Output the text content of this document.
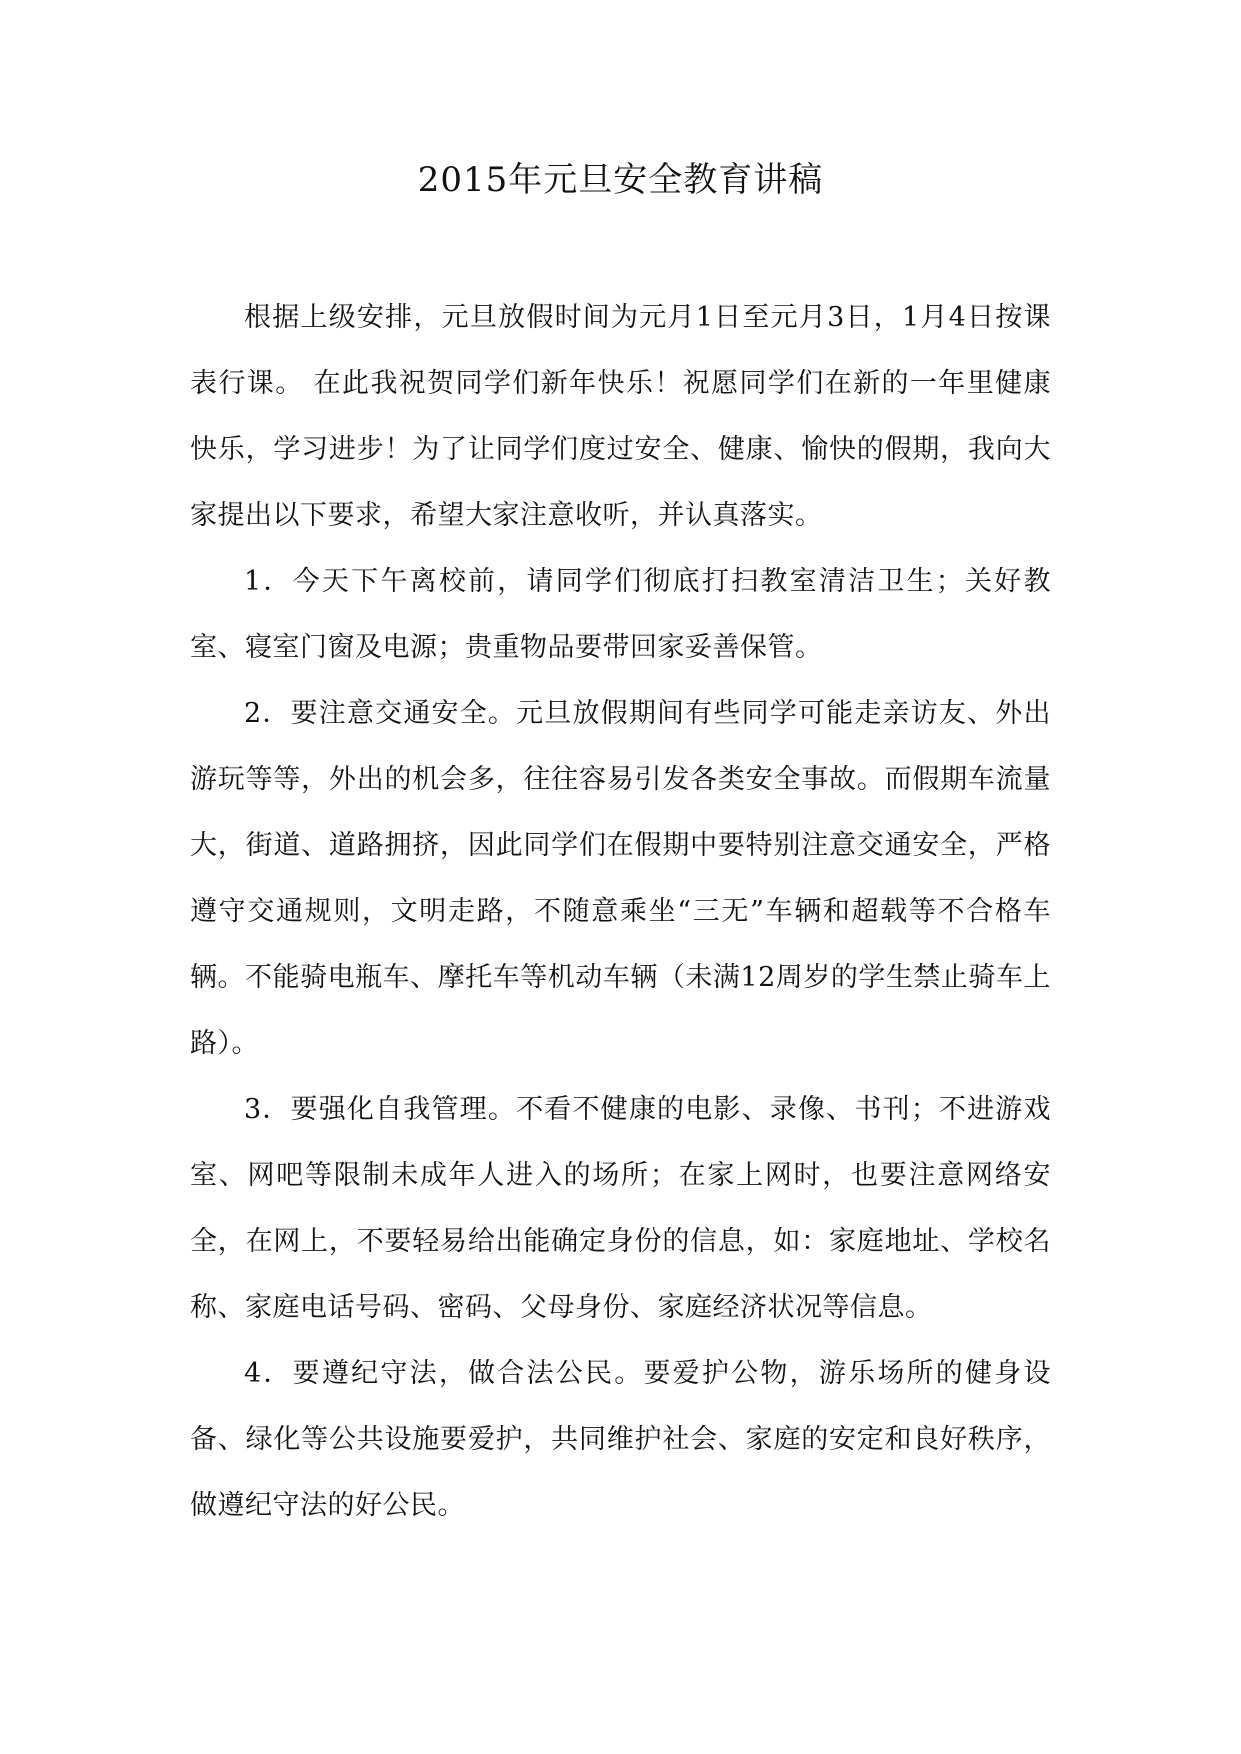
2015年元旦安全教育讲稿

根据上级安排，元旦放假时间为元月1日至元月3日，1月4日按课表行课。 在此我祝贺同学们新年快乐！祝愿同学们在新的一年里健康快乐，学习进步！为了让同学们度过安全、健康、愉快的假期，我向大家提出以下要求，希望大家注意收听，并认真落实。

1．今天下午离校前，请同学们彻底打扫教室清洁卫生；关好教室、寝室门窗及电源；贵重物品要带回家妥善保管。

2．要注意交通安全。元旦放假期间有些同学可能走亲访友、外出游玩等等，外出的机会多，往往容易引发各类安全事故。而假期车流量大，街道、道路拥挤，因此同学们在假期中要特别注意交通安全，严格遵守交通规则，文明走路，不随意乘坐“三无”车辆和超载等不合格车辆。不能骑电瓶车、摩托车等机动车辆（未满12周岁的学生禁止骑车上路）。

3．要强化自我管理。不看不健康的电影、录像、书刊；不进游戏室、网吧等限制未成年人进入的场所；在家上网时，也要注意网络安全，在网上，不要轻易给出能确定身份的信息，如：家庭地址、学校名称、家庭电话号码、密码、父母身份、家庭经济状况等信息。

4．要遵纪守法，做合法公民。要爱护公物，游乐场所的健身设备、绿化等公共设施要爱护，共同维护社会、家庭的安定和良好秩序，做遵纪守法的好公民。
